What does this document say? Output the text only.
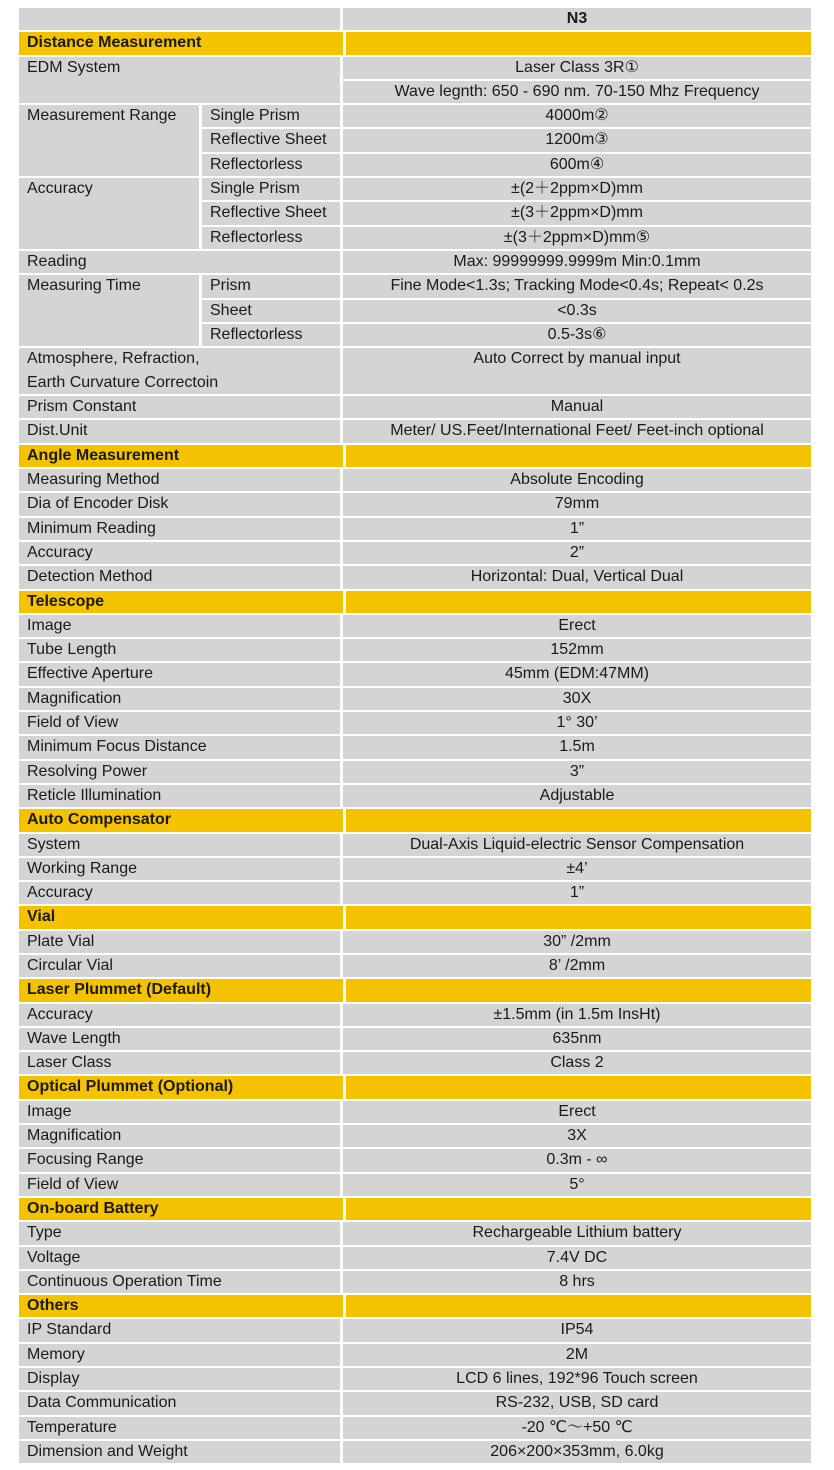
		N3
Distance Measurement		
EDM System		Laser Class 3R①
		Wave legnth: 650 - 690 nm. 70-150 Mhz Frequency
Measurement Range	Single Prism	4000m②
	Reflective Sheet	1200m③
	Reflectorless	600m④
Accuracy	Single Prism	±(2＋2ppm×D)mm
	Reflective Sheet	±(3＋2ppm×D)mm
	Reflectorless	±(3＋2ppm×D)mm⑤
Reading		Max: 99999999.9999m Min:0.1mm
Measuring Time	Prism	Fine Mode<1.3s; Tracking Mode<0.4s; Repeat< 0.2s
	Sheet	<0.3s
	Reflectorless	0.5-3s⑥

Atmosphere, Refraction,
Earth Curvature Correctoin		Auto Correct by manual input

Prism Constant		Manual
Dist.Unit		Meter/ US.Feet/International Feet/ Feet-inch optional
Angle Measurement		
Measuring Method		Absolute Encoding
Dia of Encoder Disk		79mm
Minimum Reading		1”
Accuracy		2”
Detection Method		Horizontal: Dual, Vertical Dual
Telescope		
Image		Erect
Tube Length		152mm
Effective Aperture		45mm (EDM:47MM)
Magnification		30X
Field of View		1° 30’
Minimum Focus Distance		1.5m
Resolving Power		3”
Reticle Illumination		Adjustable
Auto Compensator		
System		Dual-Axis Liquid-electric Sensor Compensation
Working Range		±4’
Accuracy		1”
Vial		
Plate Vial		30” /2mm
Circular Vial		8’ /2mm
Laser Plummet (Default)		
Accuracy		±1.5mm (in 1.5m InsHt)
Wave Length		635nm
Laser Class		Class 2
Optical Plummet (Optional)		
Image		Erect
Magnification		3X
Focusing Range		0.3m - ∞
Field of View		5°
On-board Battery		
Type		Rechargeable Lithium battery
Voltage		7.4V DC
Continuous Operation Time		8 hrs
Others		
IP Standard		IP54
Memory		2M
Display		LCD 6 lines, 192*96 Touch screen
Data Communication		RS-232, USB, SD card
Temperature		-20 ℃～+50 ℃
Dimension and Weight		206×200×353mm, 6.0kg
